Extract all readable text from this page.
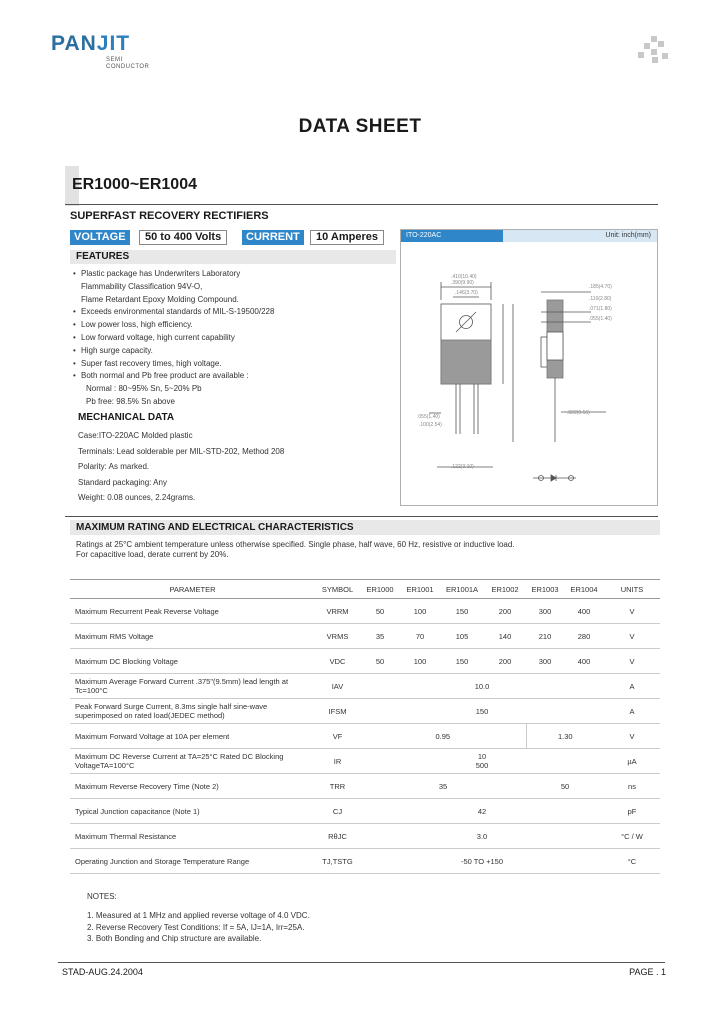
PANJIT
SEMI
CONDUCTOR
DATA SHEET
ER1000~ER1004
SUPERFAST RECOVERY RECTIFIERS
VOLTAGE	50 to 400 Volts	CURRENT	10 Amperes
FEATURES
• Plastic package has Underwriters Laboratory
Flammability Classification 94V-O,
Flame Retardant Epoxy Molding Compound.
• Exceeds environmental standards of MIL-S-19500/228
• Low power loss, high efficiency.
• Low forward voltage, high current capability
• High surge capacity.
• Super fast recovery times, high voltage.
• Both normal and Pb free product are available :
Normal : 80~95% Sn, 5~20% Pb
Pb free: 98.5% Sn above
MECHANICAL DATA
Case:ITO-220AC Molded plastic
Terminals: Lead solderable per MIL-STD-202, Method 208
Polarity: As marked.
Standard packaging: Any
Weight: 0.08 ounces, 2.24grams.
ITO-220AC	Unit: inch(mm)
.410(10.40)
.390(9.90)
.146(3.70)
.185(4.70)
.110(2.80)
.071(1.80)
.055(1.40)
.022(0.56)
.055(1.40)
.100(2.54)
.122(3.10)
MAXIMUM RATING AND ELECTRICAL CHARACTERISTICS
Ratings at 25°C ambient temperature unless otherwise specified. Single phase, half wave, 60 Hz, resistive or inductive load.
For capacitive load, derate current by 20%.
PARAMETER	SYMBOL	ER1000	ER1001	ER1001A	ER1002	ER1003	ER1004	UNITS
Maximum Recurrent Peak Reverse Voltage	VRRM	50	100	150	200	300	400	V
Maximum RMS Voltage	VRMS	35	70	105	140	210	280	V
Maximum DC Blocking Voltage	VDC	50	100	150	200	300	400	V
Maximum Average Forward Current .375"(9.5mm) lead length at Tc=100°C	IAV	10.0						A
Peak Forward Surge Current, 8.3ms single half sine-wave superimposed on rated load(JEDEC method)	IFSM	150						A
Maximum Forward Voltage at 10A per element	VF	0.95				1.30		V
Maximum DC Reverse Current at TA=25°C Rated DC Blocking VoltageTA=100°C	IR	10
500						µA
Maximum Reverse Recovery Time (Note 2)	TRR	35				50		ns
Typical Junction capacitance (Note 1)	CJ	42						pF
Maximum Thermal Resistance	RθJC	3.0						°C / W
Operating Junction and Storage Temperature Range	TJ,TSTG	-50 TO +150						°C
NOTES:
1. Measured at 1 MHz and applied reverse voltage of 4.0 VDC.
2. Reverse Recovery Test Conditions: If = 5A, IJ=1A, Irr=25A.
3. Both Bonding and Chip structure are available.
STAD-AUG.24.2004	PAGE . 1
